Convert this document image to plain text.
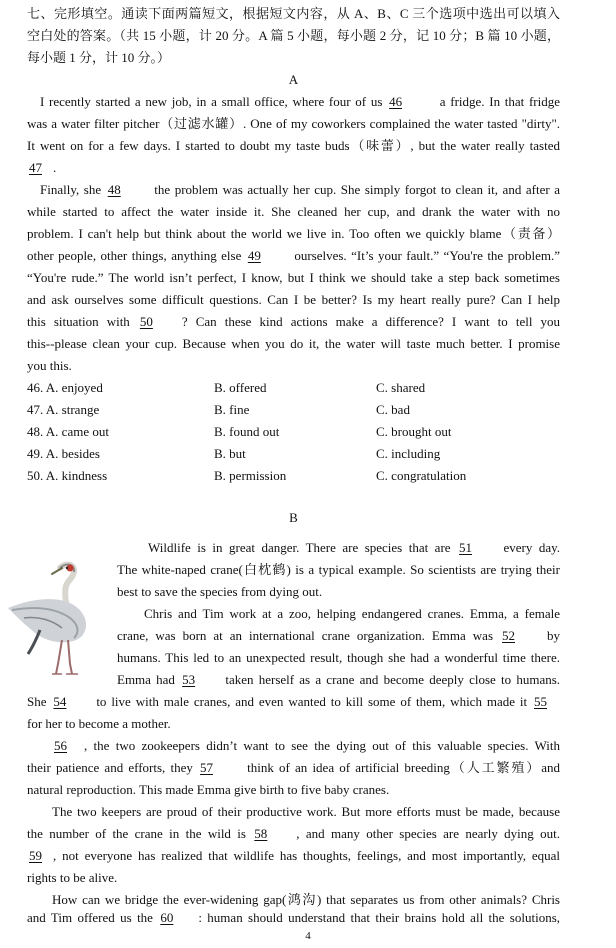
七、完形填空。通读下面两篇短文，根据短文内容，从 A、B、C 三个选项中选出可以填入
空白处的答案。（共 15 小题，计 20 分。A 篇 5 小题，每小题 2 分，记 10 分；B 篇 10 小题，
每小题 1 分，计 10 分。）
A
I recently started a new job, in a small office, where four of us 46	a fridge. In that fridge
was a water filter pitcher（过滤水罐）. One of my coworkers complained the water tasted "dirty".
It went on for a few days. I started to doubt my taste buds（味蕾）, but the water really tasted
47 .
Finally, she 48	the problem was actually her cup. She simply forgot to clean it, and after a
while started to affect the water inside it. She cleaned her cup, and drank the water with no
problem. I can't help but think about the world we live in. Too often we quickly blame（责备）
other people, other things, anything else 49	ourselves. “It’s your fault.” “You're the problem.”
“You're rude.” The world isn’t perfect, I know, but I think we should take a step back sometimes
and ask ourselves some difficult questions. Can I be better? Is my heart really pure? Can I help
this situation with 50 ? Can these kind actions make a difference? I want to tell you
this--please clean your cup. Because when you do it, the water will taste much better. I promise
you this.
46. A. enjoyed	B. offered	C. shared
47. A. strange	B. fine	C. bad
48. A. came out	B. found out	C. brought out
49. A. besides	B. but	C. including
50. A. kindness	B. permission	C. congratulation
B
Wildlife is in great danger. There are species that are 51 every day.
The white-naped crane(白枕鹤) is a typical example. So scientists are trying their
best to save the species from dying out.
Chris and Tim work at a zoo, helping endangered cranes. Emma, a female
crane, was born at an international crane organization. Emma was 52 by
humans. This led to an unexpected result, though she had a wonderful time there.
Emma had 53 taken herself as a crane and become deeply close to humans.
She 54 to live with male cranes, and even wanted to kill some of them, which made it 55
for her to become a mother.
56 , the two zookeepers didn’t want to see the dying out of this valuable species. With
their patience and efforts, they 57	think of an idea of artificial breeding（人工繁殖）and
natural reproduction. This made Emma give birth to five baby cranes.
The two keepers are proud of their productive work. But more efforts must be made, because
the number of the crane in the wild is 58 , and many other species are nearly dying out.
59 , not everyone has realized that wildlife has thoughts, feelings, and most importantly, equal
rights to be alive.
How can we bridge the ever-widening gap(鸿沟) that separates us from other animals? Chris
and Tim offered us the 60 : human should understand that their brains hold all the solutions,
4
